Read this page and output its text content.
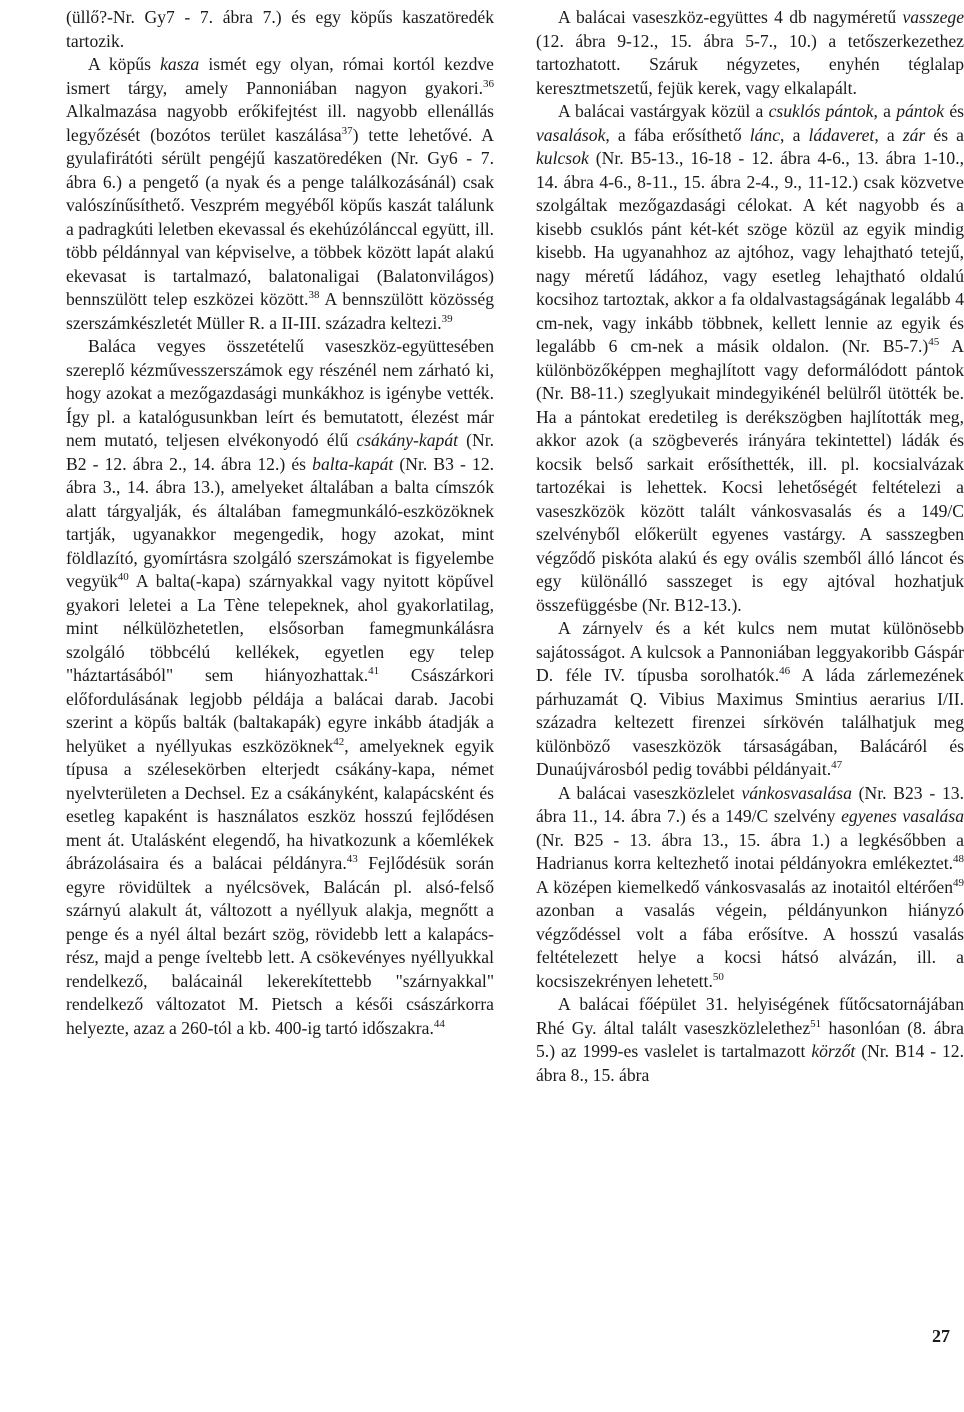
(üllő?-Nr. Gy7 - 7. ábra 7.) és egy köpűs kaszatöredék tartozik.

A köpűs kasza ismét egy olyan, római kortól kezdve ismert tárgy, amely Pannoniában nagyon gyakori.$^{36}$ Alkalmazása nagyobb erőkifejtést ill. nagyobb ellenállás legyőzését (bozótos terület kaszálása$^{37}$) tette lehetővé. A gyulafirátóti sérült pengéjű kaszatöredéken (Nr. Gy6 - 7. ábra 6.) a pengető (a nyak és a penge találkozásánál) csak valószínűsíthető. Veszprém megyéből köpűs kaszát találunk a padragkúti leletben ekevassal és ekehúzólánccal együtt, ill. több példánnyal van képviselve, a többek között lapát alakú ekevasat is tartalmazó, balatonaligai (Balatonvilágos) bennszülött telep eszközei között.$^{38}$ A bennszülött közösség szerszámkészletét Müller R. a II-III. századra keltezi.$^{39}$

Baláca vegyes összetételű vaseszköz-együttesében szereplő kézművesszerszámok egy részénél nem zárható ki, hogy azokat a mezőgazdasági munkákhoz is igénybe vették. Így pl. a katalógusunkban leírt és bemutatott, élezést már nem mutató, teljesen elvékonyodó élű csákány-kapát (Nr. B2 - 12. ábra 2., 14. ábra 12.) és balta-kapát (Nr. B3 - 12. ábra 3., 14. ábra 13.), amelyeket általában a balta címszók alatt tárgyalják, és általában famegmunkáló-eszközöknek tartják, ugyanakkor megengedik, hogy azokat, mint földlazító, gyomírtásra szolgáló szerszámokat is figyelembe vegyük$^{40}$ A balta(-kapa) szárnyakkal vagy nyitott köpűvel gyakori leletei a La Tène telepeknek, ahol gyakorlatilag, mint nélkülözhetetlen, elsősorban famegmunkálásra szolgáló többcélú kellékek, egyetlen egy telep "háztartásából" sem hiányozhattak.$^{41}$ Császárkori előfordulásának legjobb példája a balácai darab. Jacobi szerint a köpűs balták (baltakapák) egyre inkább átadják a helyüket a nyéllyukas eszközöknek$^{42}$, amelyeknek egyik típusa a szélesekörben elterjedt csákány-kapa, német nyelvterületen a Dechsel. Ez a csákányként, kalapácsként és esetleg kapaként is használatos eszköz hosszú fejlődésen ment át. Utalásként elegendő, ha hivatkozunk a kőemlékek ábrázolásaira és a balácai példányra.$^{43}$ Fejlődésük során egyre rövidültek a nyélcsövek, Balácán pl. alsó-felső szárnyú alakult át, változott a nyéllyuk alakja, megnőtt a penge és a nyél által bezárt szög, rövidebb lett a kalapács-rész, majd a penge íveltebb lett. A csökevényes nyéllyukkal rendelkező, balácainál lekerekítettebb "szárnyakkal" rendelkező változatot M. Pietsch a késői császárkorra helyezte, azaz a 260-tól a kb. 400-ig tartó időszakra.$^{44}$

A balácai vaseszköz-együttes 4 db nagyméretű vasszege (12. ábra 9-12., 15. ábra 5-7., 10.) a tetőszerkezethez tartozhatott. Száruk négyzetes, enyhén téglalap keresztmetszetű, fejük kerek, vagy elkalapált.

A balácai vastárgyak közül a csuklós pántok, a pántok és vasalások, a fába erősíthető lánc, a ládaveret, a zár és a kulcsok (Nr. B5-13., 16-18 - 12. ábra 4-6., 13. ábra 1-10., 14. ábra 4-6., 8-11., 15. ábra 2-4., 9., 11-12.) csak közvetve szolgáltak mezőgazdasági célokat. A két nagyobb és a kisebb csuklós pánt két-két szöge közül az egyik mindig kisebb. Ha ugyanahhoz az ajtóhoz, vagy lehajtható tetejű, nagy méretű ládához, vagy esetleg lehajtható oldalú kocsihoz tartoztak, akkor a fa oldalvastagságának legalább 4 cm-nek, vagy inkább többnek, kellett lennie az egyik és legalább 6 cm-nek a másik oldalon. (Nr. B5-7.)$^{45}$ A különbözőképpen meghajlított vagy deformálódott pántok (Nr. B8-11.) szeglyukait mindegyikénél belülről ütötték be. Ha a pántokat eredetileg is derékszögben hajlították meg, akkor azok (a szögbeverés irányára tekintettel) ládák és kocsik belső sarkait erősíthették, ill. pl. kocsialvázak tartozékai is lehettek. Kocsi lehetőségét feltételezi a vaseszközök között talált vánkosvasalás és a 149/C szelvényből előkerült egyenes vastárgy. A sasszegben végződő piskóta alakú és egy ovális szemből álló láncot és egy különálló sasszeget is egy ajtóval hozhatjuk összefüggésbe (Nr. B12-13.).

A zárnyelv és a két kulcs nem mutat különösebb sajátosságot. A kulcsok a Pannoniában leggyakoribb Gáspár D. féle IV. típusba sorolhatók.$^{46}$ A láda zárlemezének párhuzamát Q. Vibius Maximus Smintius aerarius I/II. századra keltezett firenzei sírkövén találhatjuk meg különböző vaseszközök társaságában, Balácáról és Dunaújvárosból pedig további példányait.$^{47}$

A balácai vaseszközlelet vánkosvasalása (Nr. B23 - 13. ábra 11., 14. ábra 7.) és a 149/C szelvény egyenes vasalása (Nr. B25 - 13. ábra 13., 15. ábra 1.) a legkésőbben a Hadrianus korra keltezhető inotai példányokra emlékeztet.$^{48}$ A középen kiemelkedő vánkosvasalás az inotaitól eltérően$^{49}$ azonban a vasalás végein, példányunkon hiányzó végződéssel volt a fába erősítve. A hosszú vasalás feltételezett helye a kocsi hátsó alvázán, ill. a kocsiszekrényen lehetett.$^{50}$

A balácai főépület 31. helyiségének fűtőcsatornájában Rhé Gy. által talált vaseszközlelethez$^{51}$ hasonlóan (8. ábra 5.) az 1999-es vaslelet is tartalmazott körzőt (Nr. B14 - 12. ábra 8., 15. ábra

27
